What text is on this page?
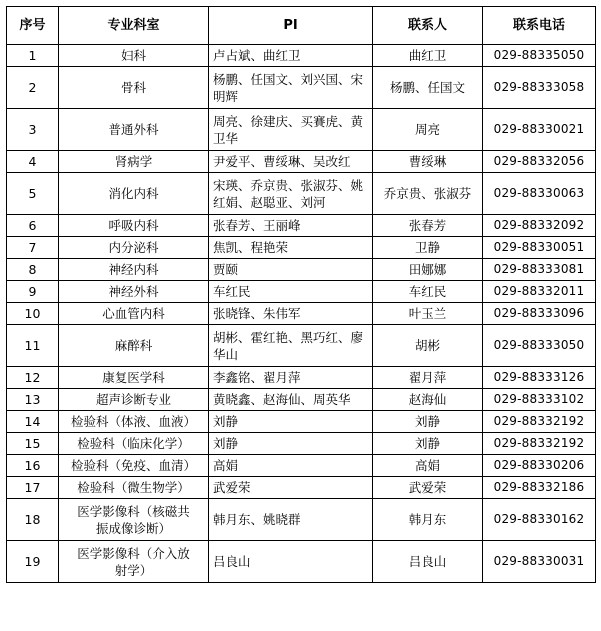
序号	专业科室	PI	联系人	联系电话
1	妇科	卢占斌、曲红卫	曲红卫	029-88335050
2	骨科	杨鹏、任国文、刘兴国、宋明辉	杨鹏、任国文	029-88333058
3	普通外科	周亮、徐建庆、买賽虎、黄卫华	周亮	029-88330021
4	肾病学	尹爱平、曹绥琳、吴改红	曹绥琳	029-88332056
5	消化内科	宋瑛、乔京贵、张淑芬、姚红娟、赵聪亚、刘河	乔京贵、张淑芬	029-88330063
6	呼吸内科	张春芳、王丽峰	张春芳	029-88332092
7	内分泌科	焦凯、程艳荣	卫静	029-88330051
8	神经内科	贾颐	田娜娜	029-88333081
9	神经外科	车红民	车红民	029-88332011
10	心血管内科	张晓锋、朱伟军	叶玉兰	029-88333096
11	麻醉科	胡彬、霍红艳、黑巧红、廖华山	胡彬	029-88333050
12	康复医学科	李鑫铭、翟月萍	翟月萍	029-88333126
13	超声诊断专业	黄晓鑫、赵海仙、周英华	赵海仙	029-88333102
14	检验科（体液、血液）	刘静	刘静	029-88332192
15	检验科（临床化学）	刘静	刘静	029-88332192
16	检验科（免疫、血清）	高娟	高娟	029-88330206
17	检验科（微生物学）	武爱荣	武爱荣	029-88332186
18	医学影像科（核磁共振成像诊断）	韩月东、姚晓群	韩月东	029-88330162
19	医学影像科（介入放射学）	吕良山	吕良山	029-88330031
